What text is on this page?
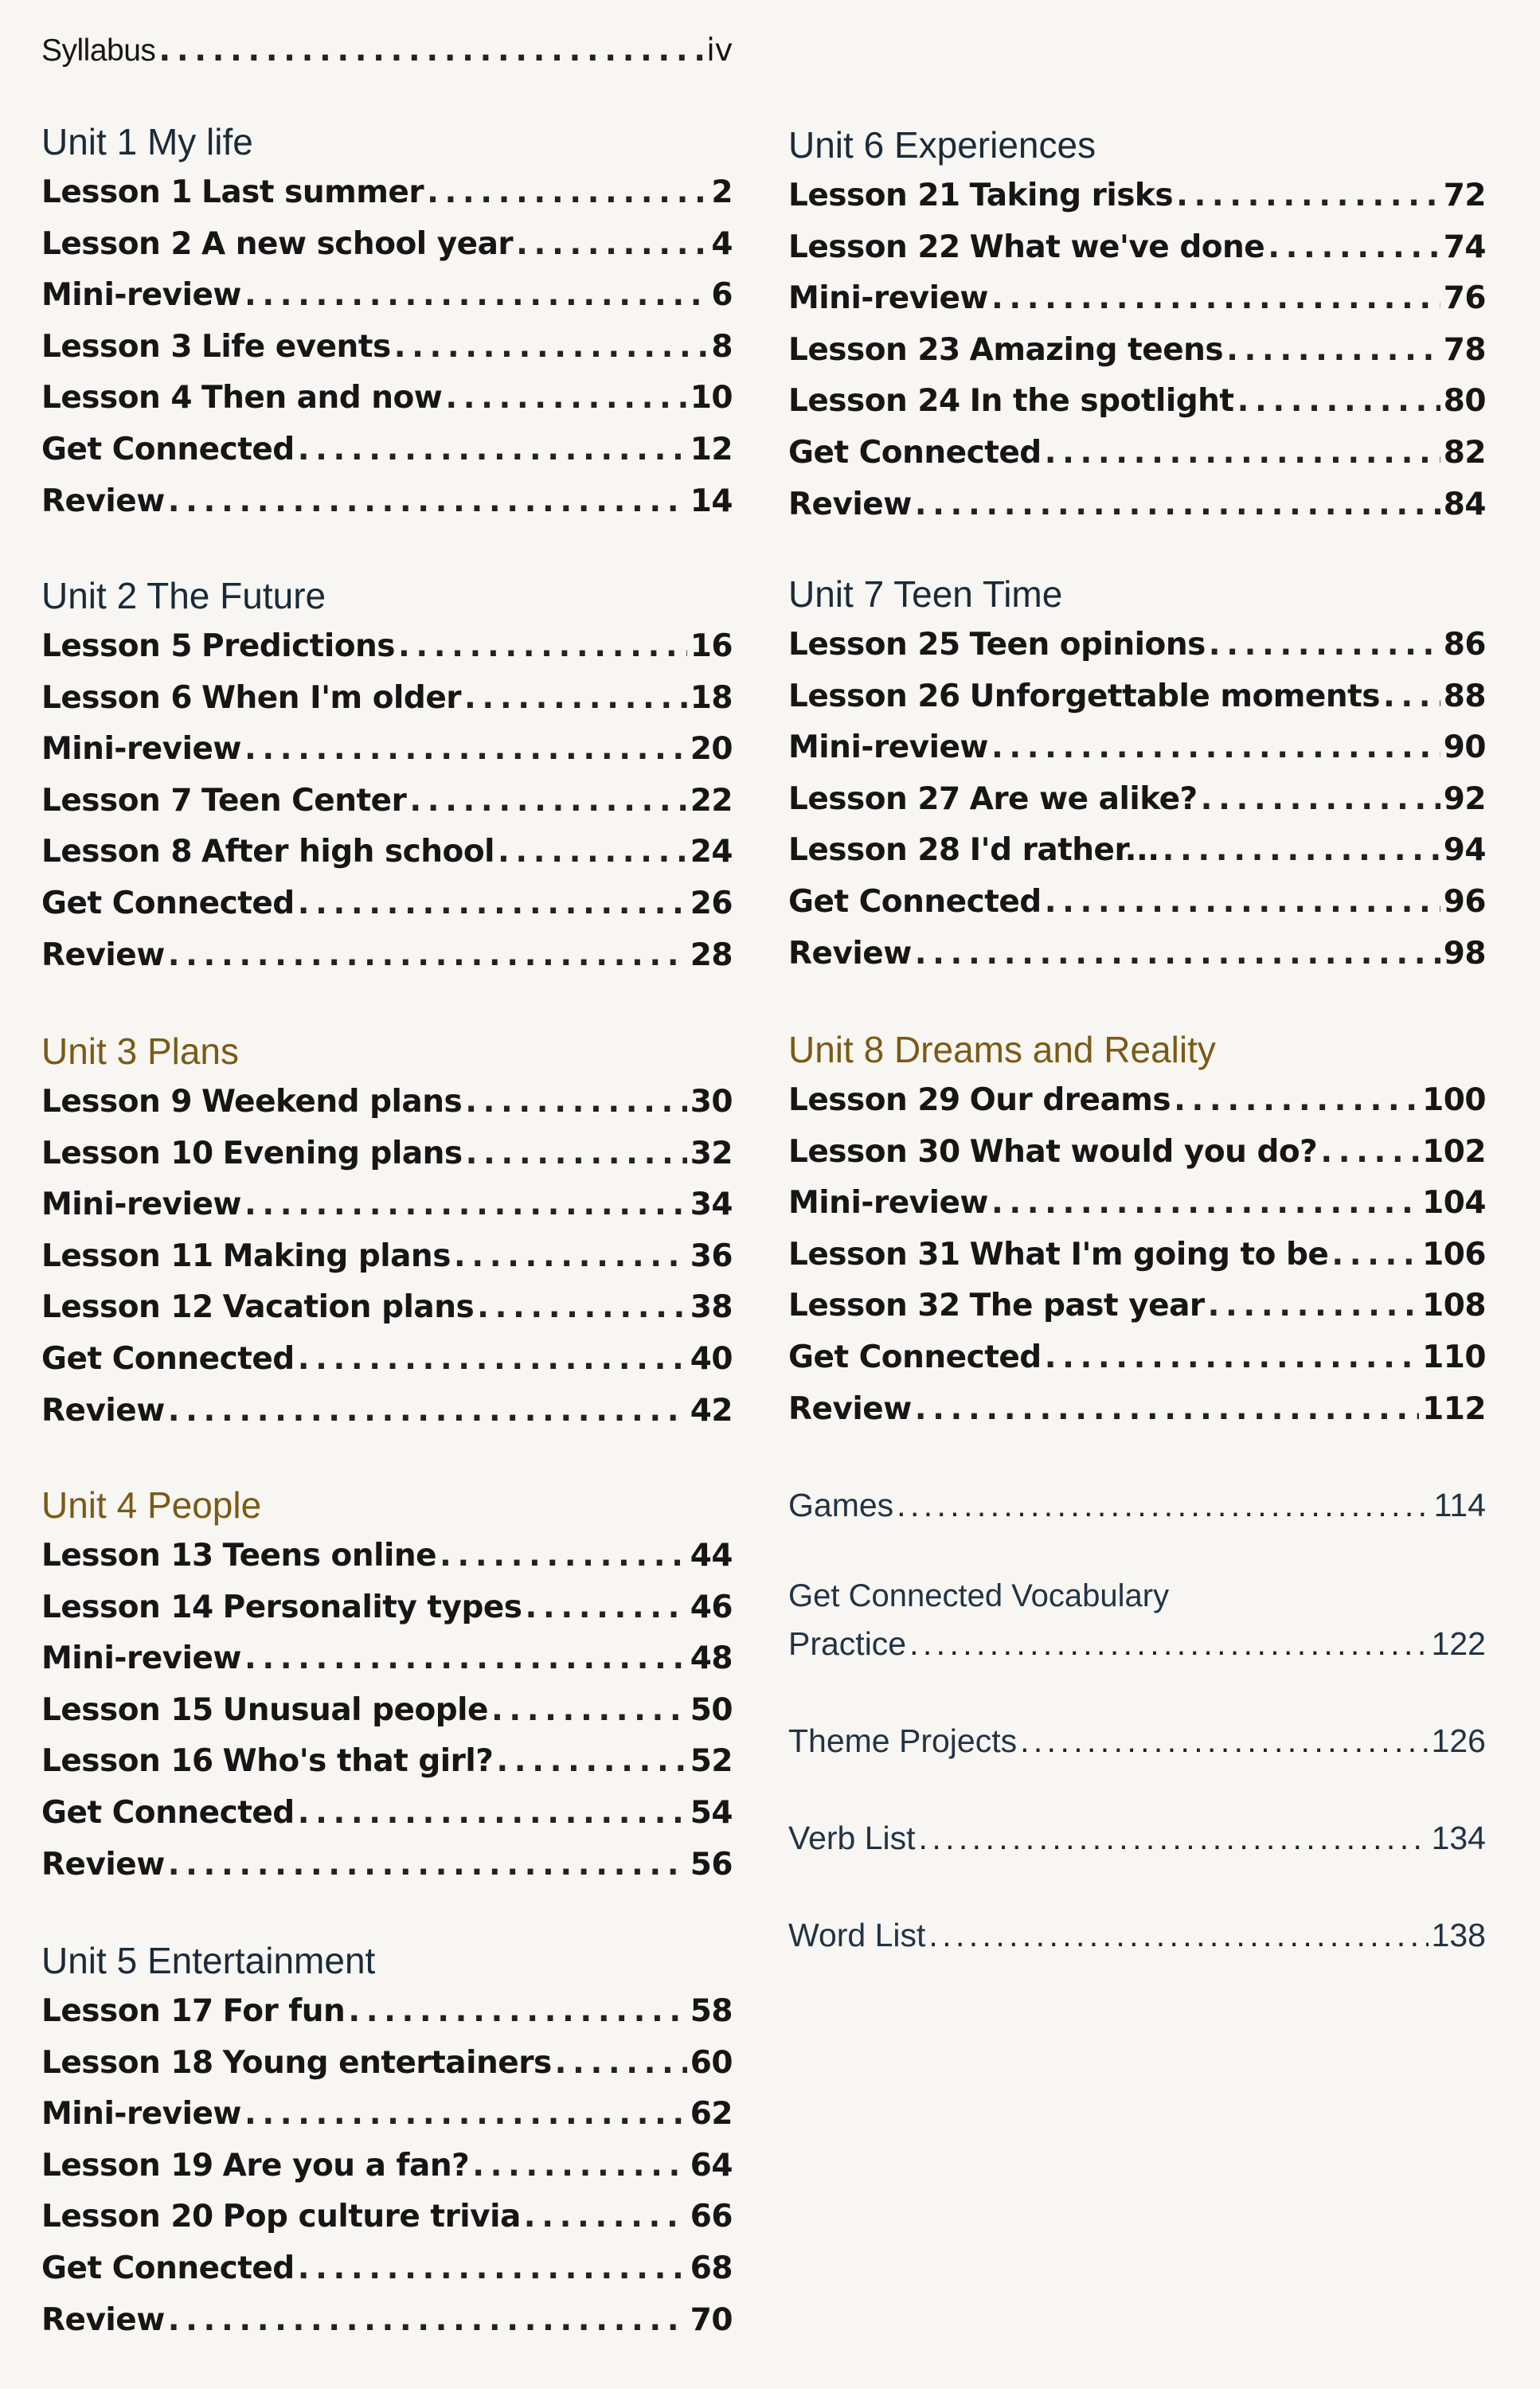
Syllabus . . .	iv
Unit 1 My life
Lesson 1 Last summer . . .	2
Lesson 2 A new school year . . .	4
Mini-review . . .	6
Lesson 3 Life events . . .	8
Lesson 4 Then and now . . .	10
Get Connected . . .	12
Review . . .	14
Unit 2 The Future
Lesson 5 Predictions . . .	16
Lesson 6 When I'm older . . .	18
Mini-review . . .	20
Lesson 7 Teen Center . . .	22
Lesson 8 After high school . . .	24
Get Connected . . .	26
Review . . .	28
Unit 3 Plans
Lesson 9 Weekend plans . . .	30
Lesson 10 Evening plans . . .	32
Mini-review . . .	34
Lesson 11 Making plans . . .	36
Lesson 12 Vacation plans . . .	38
Get Connected . . .	40
Review . . .	42
Unit 4 People
Lesson 13 Teens online . . .	44
Lesson 14 Personality types . . .	46
Mini-review . . .	48
Lesson 15 Unusual people . . .	50
Lesson 16 Who's that girl? . . .	52
Get Connected . . .	54
Review . . .	56
Unit 5 Entertainment
Lesson 17 For fun . . .	58
Lesson 18 Young entertainers . . .	60
Mini-review . . .	62
Lesson 19 Are you a fan? . . .	64
Lesson 20 Pop culture trivia . . .	66
Get Connected . . .	68
Review . . .	70
Games . . .	114
Get Connected Vocabulary
Practice . . .	122
Theme Projects . . .	126
Verb List . . .	134
Word List . . .	138
Unit 6 Experiences
Lesson 21 Taking risks . . .	72
Lesson 22 What we've done . . .	74
Mini-review . . .	76
Lesson 23 Amazing teens . . .	78
Lesson 24 In the spotlight . . .	80
Get Connected . . .	82
Review . . .	84
Unit 7 Teen Time
Lesson 25 Teen opinions . . .	86
Lesson 26 Unforgettable moments . . . 88
Mini-review . . .	90
Lesson 27 Are we alike? . . .	92
Lesson 28 I'd rather... . . .	94
Get Connected . . .	96
Review . . .	98
Unit 8 Dreams and Reality
Lesson 29 Our dreams . . .	100
Lesson 30 What would you do? . . .	102
Mini-review . . .	104
Lesson 31 What I'm going to be . . .	106
Lesson 32 The past year . . .	108
Get Connected . . .	110
Review . . .	112
